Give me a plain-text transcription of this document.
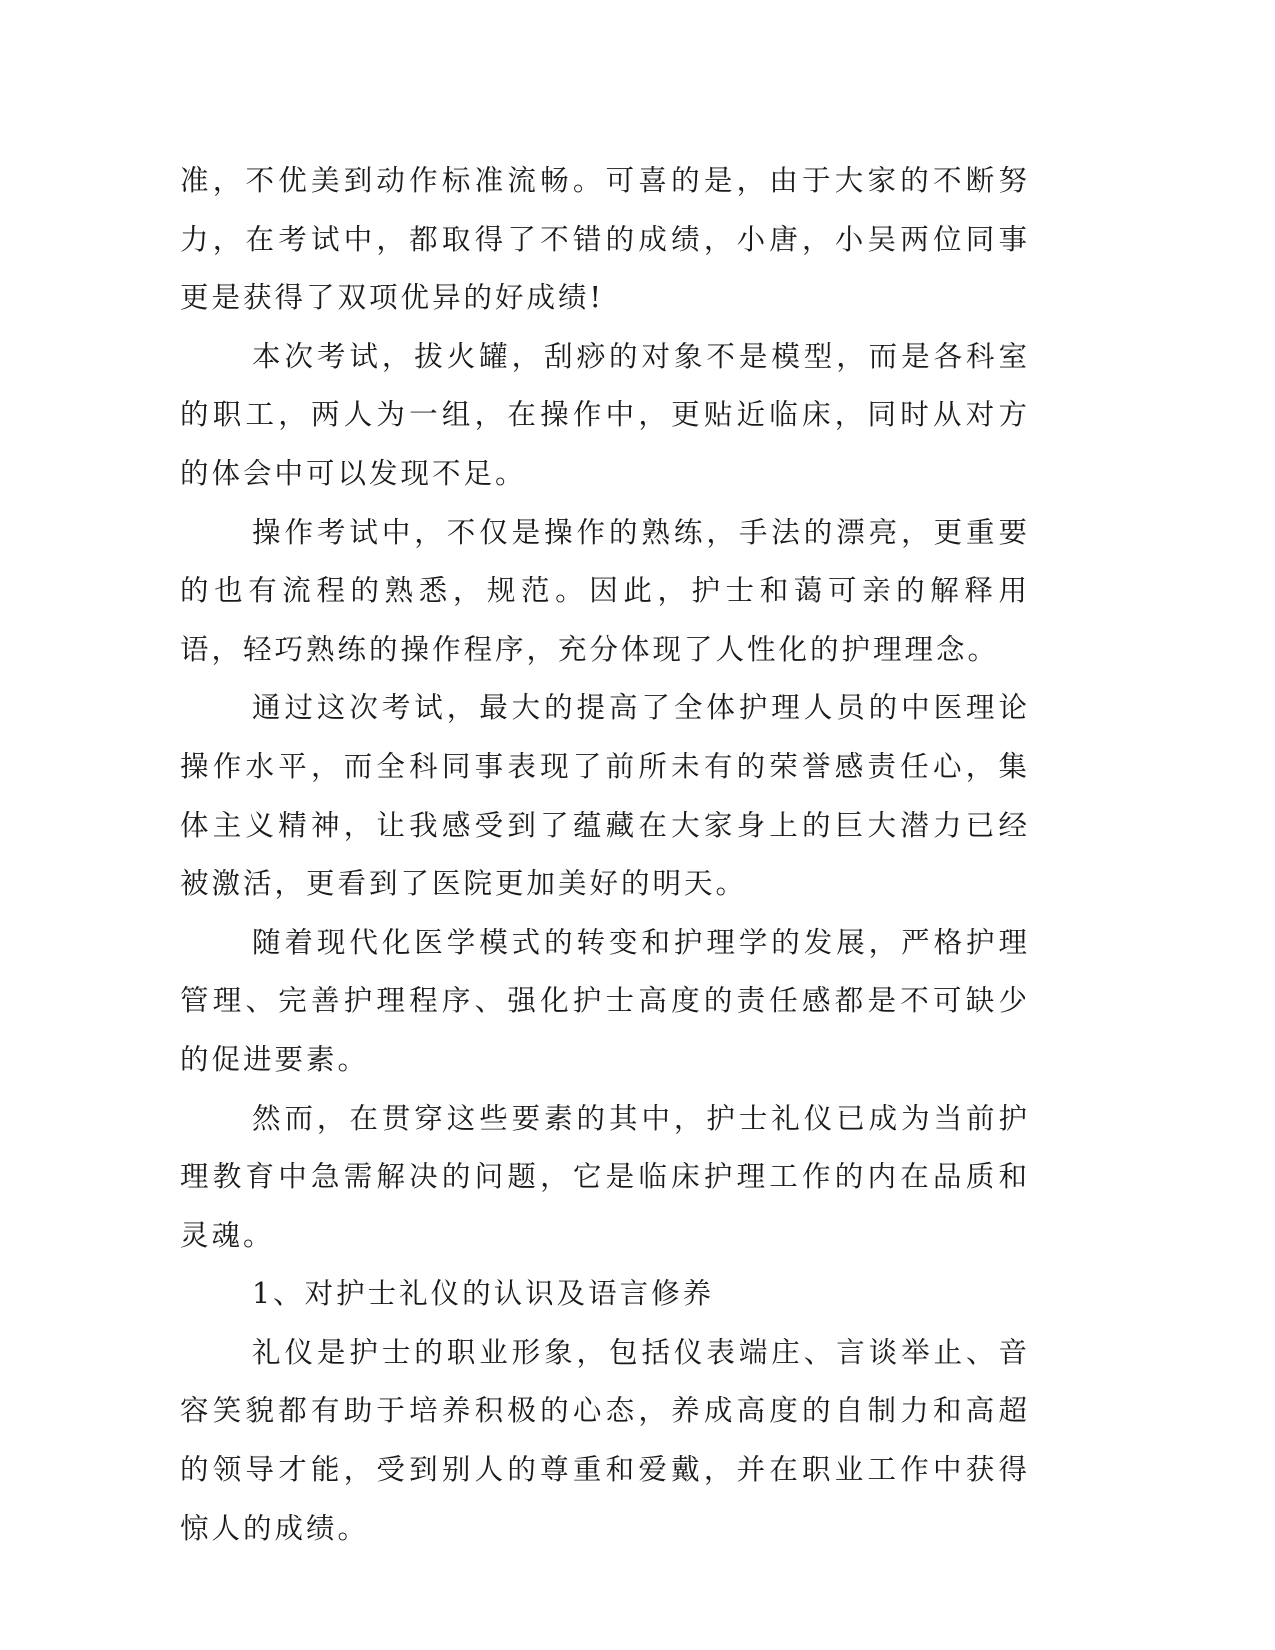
准，不优美到动作标准流畅。可喜的是，由于大家的不断努力，在考试中，都取得了不错的成绩，小唐，小吴两位同事更是获得了双项优异的好成绩!

本次考试，拔火罐，刮痧的对象不是模型，而是各科室的职工，两人为一组，在操作中，更贴近临床，同时从对方的体会中可以发现不足。

操作考试中，不仅是操作的熟练，手法的漂亮，更重要的也有流程的熟悉，规范。因此，护士和蔼可亲的解释用语，轻巧熟练的操作程序，充分体现了人性化的护理理念。

通过这次考试，最大的提高了全体护理人员的中医理论操作水平，而全科同事表现了前所未有的荣誉感责任心，集体主义精神，让我感受到了蕴藏在大家身上的巨大潜力已经被激活，更看到了医院更加美好的明天。

随着现代化医学模式的转变和护理学的发展，严格护理管理、完善护理程序、强化护士高度的责任感都是不可缺少的促进要素。

然而，在贯穿这些要素的其中，护士礼仪已成为当前护理教育中急需解决的问题，它是临床护理工作的内在品质和灵魂。

1、对护士礼仪的认识及语言修养

礼仪是护士的职业形象，包括仪表端庄、言谈举止、音容笑貌都有助于培养积极的心态，养成高度的自制力和高超的领导才能，受到别人的尊重和爱戴，并在职业工作中获得惊人的成绩。
